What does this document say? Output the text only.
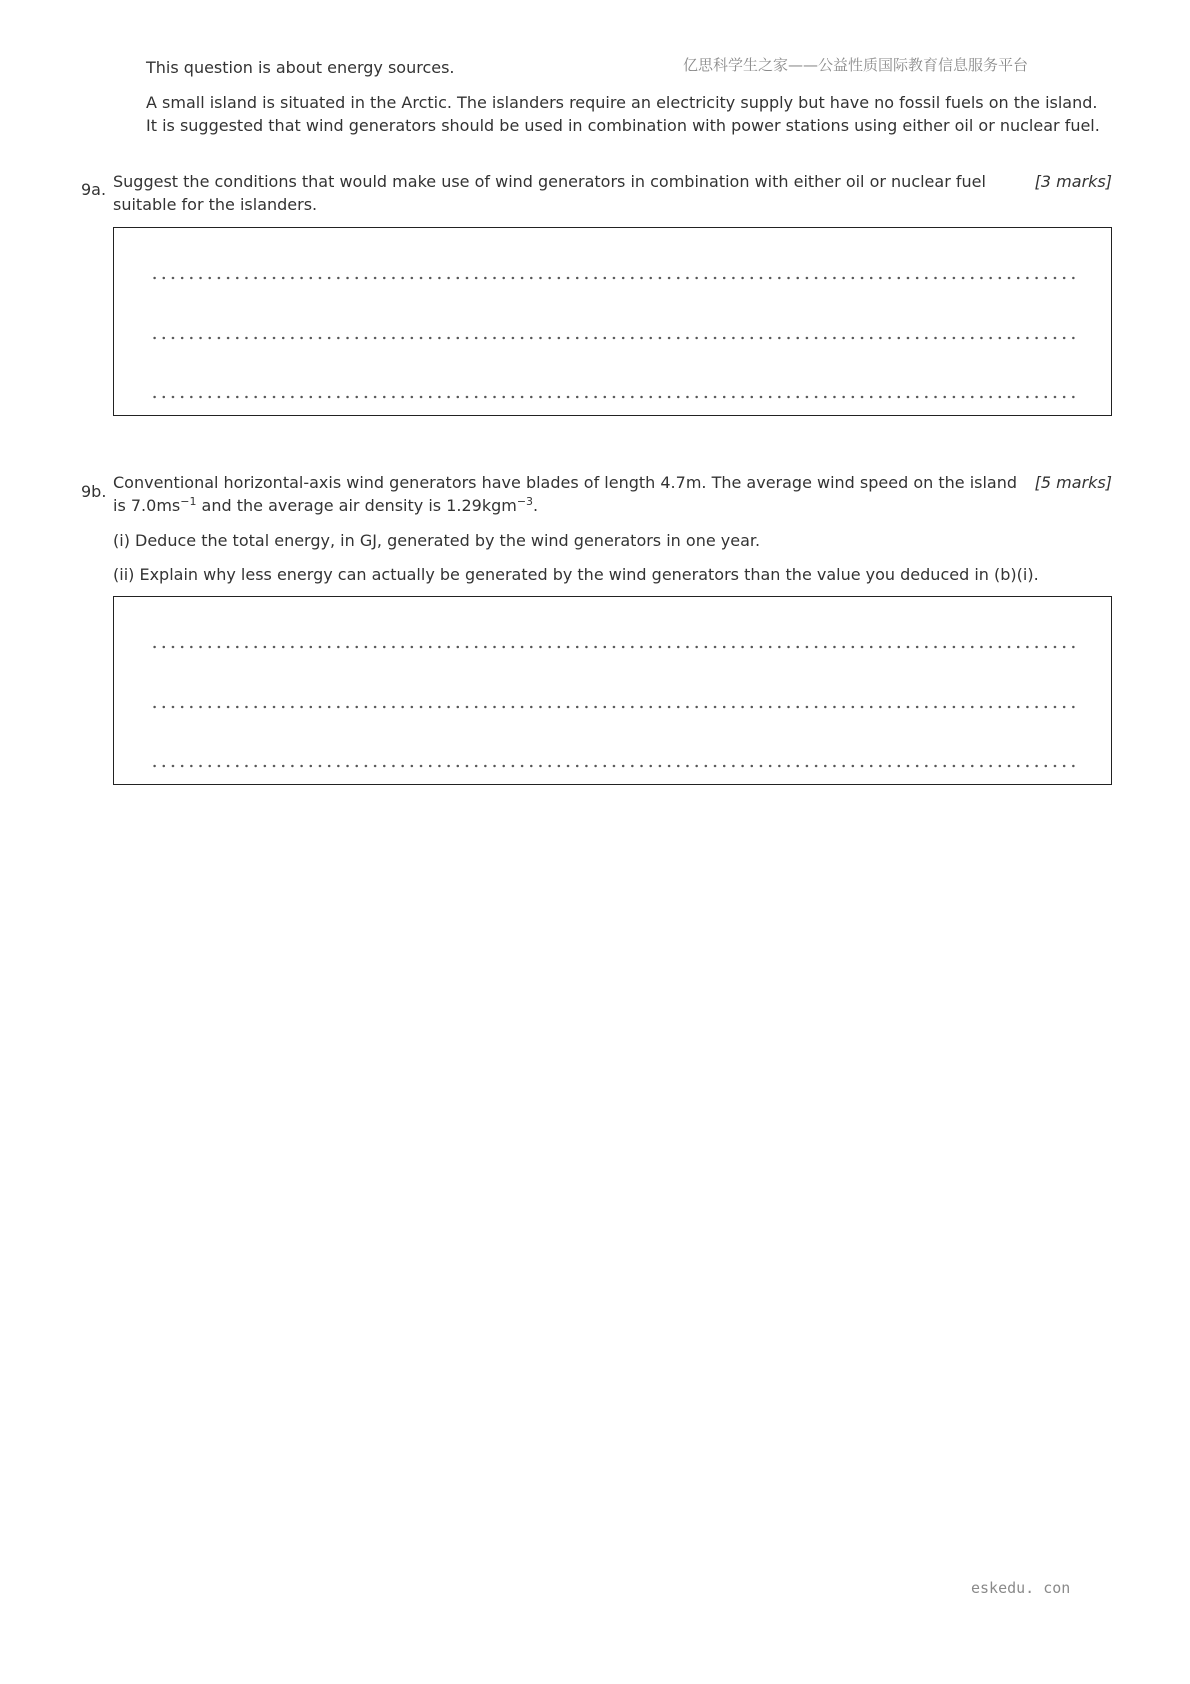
亿思科学生之家——公益性质国际教育信息服务平台
This question is about energy sources.
A small island is situated in the Arctic. The islanders require an electricity supply but have no fossil fuels on the island.
It is suggested that wind generators should be used in combination with power stations using either oil or nuclear fuel.
9a. Suggest the conditions that would make use of wind generators in combination with either oil or nuclear fuel
suitable for the islanders.
[3 marks]
9b. Conventional horizontal-axis wind generators have blades of length 4.7m. The average wind speed on the island
is $7.0ms^{-1}$ and the average air density is 1.29kgm$^{-3}$.
(i) Deduce the total energy, in GJ, generated by the wind generators in one year.
(ii) Explain why less energy can actually be generated by the wind generators than the value you deduced in (b)(i).
[5 marks]
eskedu. con
